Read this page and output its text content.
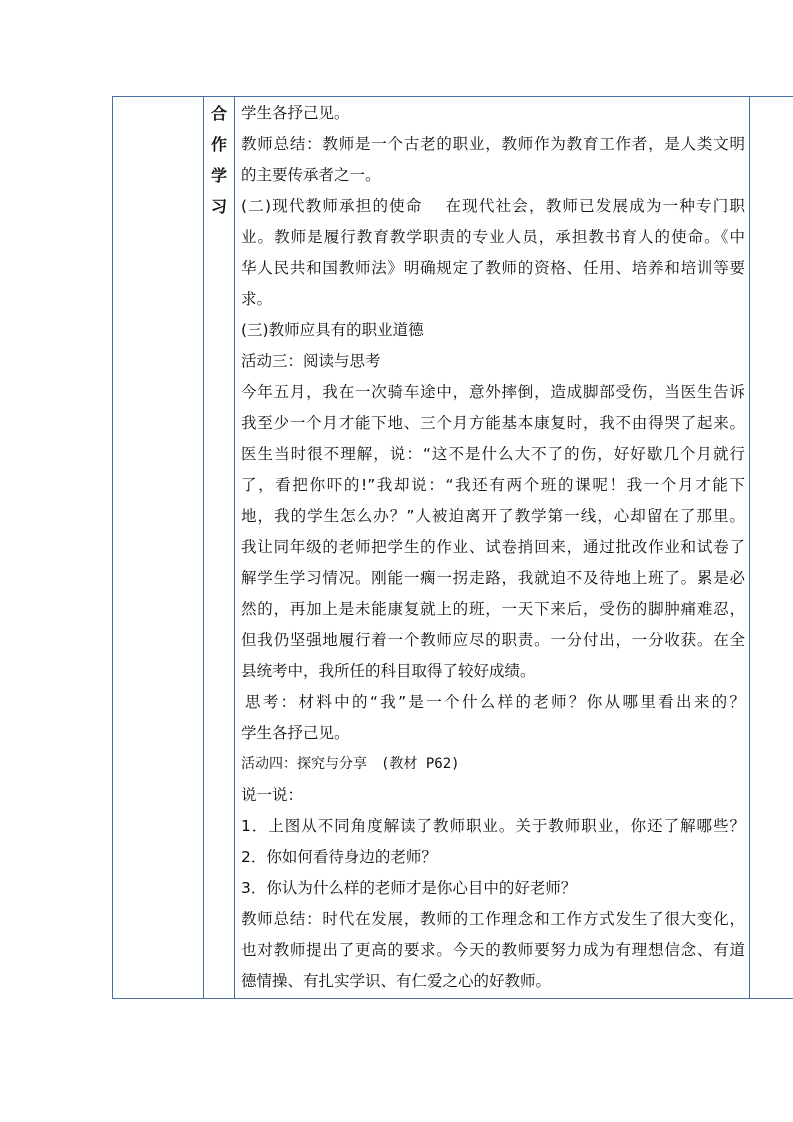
合
作
学
习

学生各抒己见。

教师总结：教师是一个古老的职业，教师作为教育工作者，是人类文明

的主要传承者之一。

(二)现代教师承担的使命　 在现代社会，教师已发展成为一种专门职

业。教师是履行教育教学职责的专业人员，承担教书育人的使命。《中

华人民共和国教师法》明确规定了教师的资格、任用、培养和培训等要

求。

(三)教师应具有的职业道德

活动三：阅读与思考

今年五月，我在一次骑车途中，意外摔倒，造成脚部受伤，当医生告诉

我至少一个月才能下地、三个月方能基本康复时，我不由得哭了起来。

医生当时很不理解，说：“这不是什么大不了的伤，好好歇几个月就行

了，看把你吓的!”我却说：“我还有两个班的课呢！我一个月才能下

地，我的学生怎么办？”人被迫离开了教学第一线，心却留在了那里。

我让同年级的老师把学生的作业、试卷捎回来，通过批改作业和试卷了

解学生学习情况。刚能一瘸一拐走路，我就迫不及待地上班了。累是必

然的，再加上是未能康复就上的班，一天下来后，受伤的脚肿痛难忍，

但我仍坚强地履行着一个教师应尽的职责。一分付出，一分收获。在全

县统考中，我所任的科目取得了较好成绩。

思考：材料中的“我”是一个什么样的老师？你从哪里看出来的？

学生各抒己见。

活动四：探究与分享　(教材 P62)

说一说：

1．上图从不同角度解读了教师职业。关于教师职业，你还了解哪些？

2．你如何看待身边的老师？

3．你认为什么样的老师才是你心目中的好老师？

教师总结：时代在发展，教师的工作理念和工作方式发生了很大变化，

也对教师提出了更高的要求。今天的教师要努力成为有理想信念、有道

德情操、有扎实学识、有仁爱之心的好教师。
